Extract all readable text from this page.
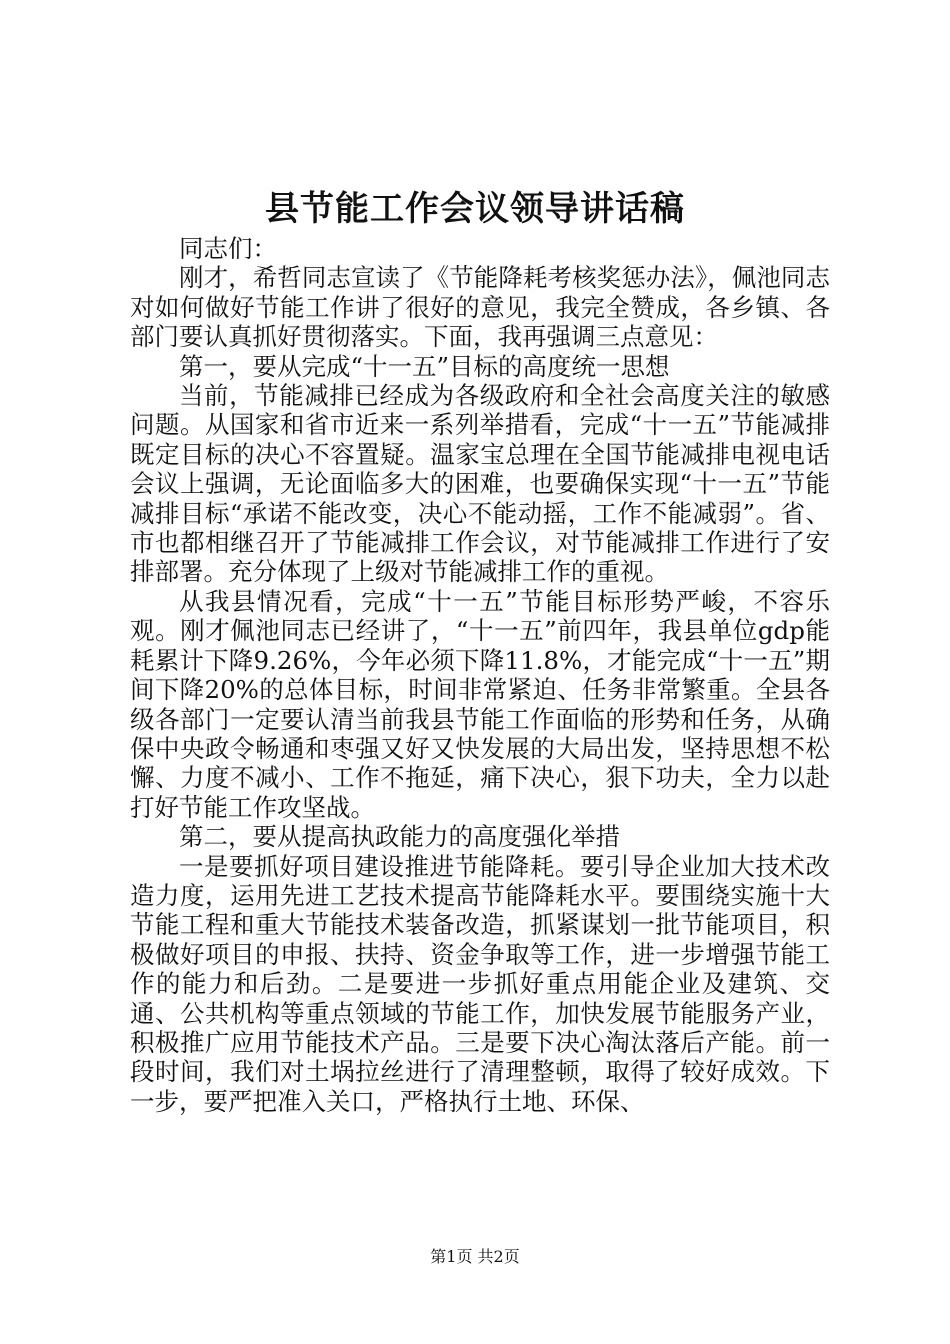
县节能工作会议领导讲话稿

同志们：

刚才，希哲同志宣读了《节能降耗考核奖惩办法》，佩池同志对如何做好节能工作讲了很好的意见，我完全赞成，各乡镇、各部门要认真抓好贯彻落实。下面，我再强调三点意见：

第一，要从完成“十一五”目标的高度统一思想

当前，节能减排已经成为各级政府和全社会高度关注的敏感问题。从国家和省市近来一系列举措看，完成“十一五”节能减排既定目标的决心不容置疑。温家宝总理在全国节能减排电视电话会议上强调，无论面临多大的困难，也要确保实现“十一五”节能减排目标“承诺不能改变，决心不能动摇，工作不能减弱”。省、市也都相继召开了节能减排工作会议，对节能减排工作进行了安排部署。充分体现了上级对节能减排工作的重视。

从我县情况看，完成“十一五”节能目标形势严峻，不容乐观。刚才佩池同志已经讲了，“十一五”前四年，我县单位gdp能耗累计下降9.26%，今年必须下降11.8%，才能完成“十一五”期间下降20%的总体目标，时间非常紧迫、任务非常繁重。全县各级各部门一定要认清当前我县节能工作面临的形势和任务，从确保中央政令畅通和枣强又好又快发展的大局出发，坚持思想不松懈、力度不减小、工作不拖延，痛下决心，狠下功夫，全力以赴打好节能工作攻坚战。

第二，要从提高执政能力的高度强化举措

一是要抓好项目建设推进节能降耗。要引导企业加大技术改造力度，运用先进工艺技术提高节能降耗水平。要围绕实施十大节能工程和重大节能技术装备改造，抓紧谋划一批节能项目，积极做好项目的申报、扶持、资金争取等工作，进一步增强节能工作的能力和后劲。二是要进一步抓好重点用能企业及建筑、交通、公共机构等重点领域的节能工作，加快发展节能服务产业，积极推广应用节能技术产品。三是要下决心淘汰落后产能。前一段时间，我们对土埚拉丝进行了清理整顿，取得了较好成效。下一步，要严把准入关口，严格执行土地、环保、

第1页 共2页
